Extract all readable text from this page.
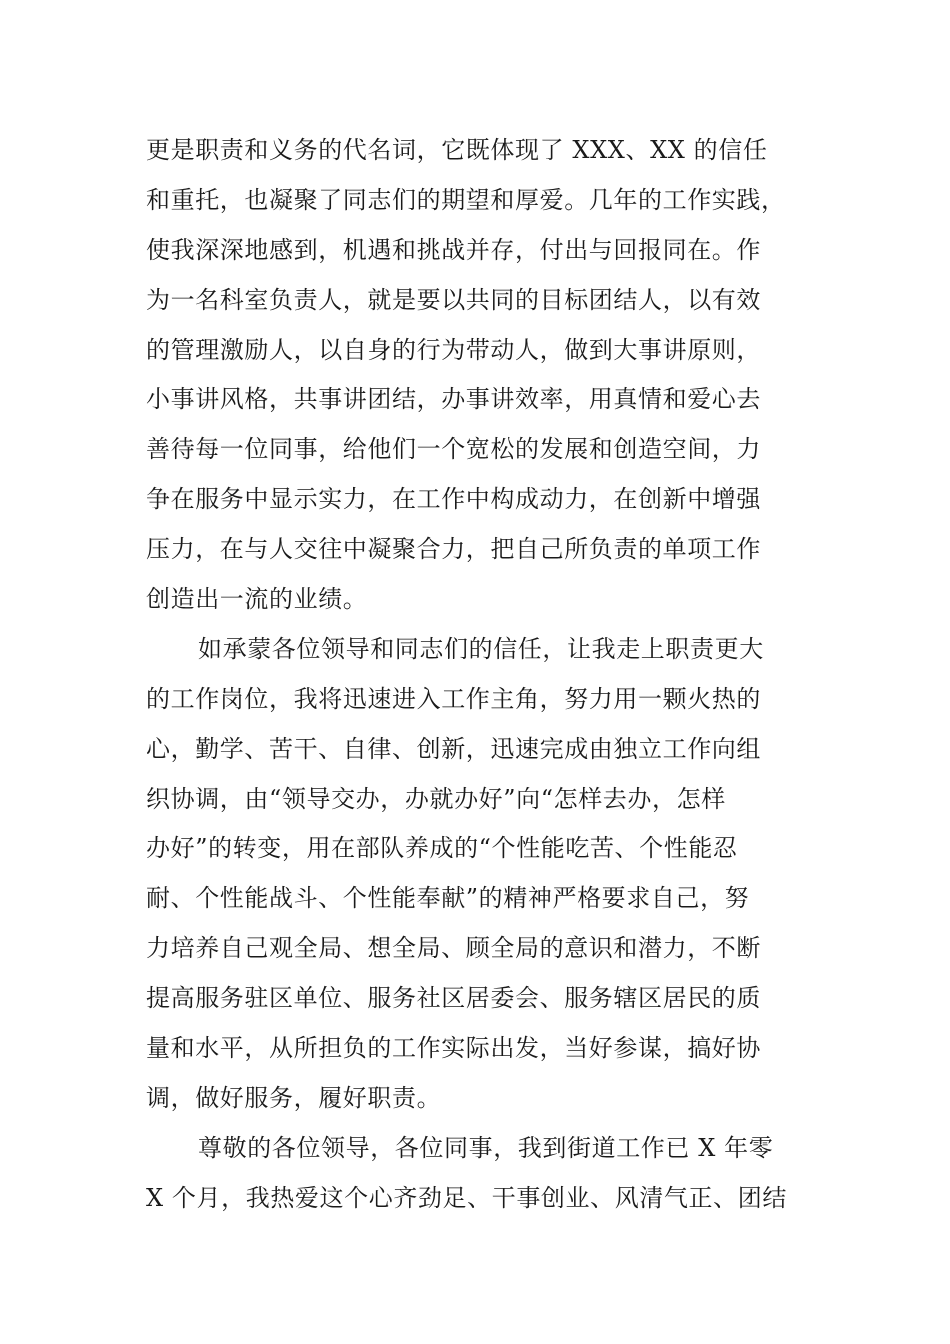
更是职责和义务的代名词，它既体现了 XXX、XX 的信任
和重托，也凝聚了同志们的期望和厚爱。几年的工作实践，
使我深深地感到，机遇和挑战并存，付出与回报同在。作
为一名科室负责人，就是要以共同的目标团结人，以有效
的管理激励人，以自身的行为带动人，做到大事讲原则，
小事讲风格，共事讲团结，办事讲效率，用真情和爱心去
善待每一位同事，给他们一个宽松的发展和创造空间，力
争在服务中显示实力，在工作中构成动力，在创新中增强
压力，在与人交往中凝聚合力，把自己所负责的单项工作
创造出一流的业绩。
如承蒙各位领导和同志们的信任，让我走上职责更大
的工作岗位，我将迅速进入工作主角，努力用一颗火热的
心，勤学、苦干、自律、创新，迅速完成由独立工作向组
织协调，由“领导交办，办就办好”向“怎样去办，怎样
办好”的转变，用在部队养成的“个性能吃苦、个性能忍
耐、个性能战斗、个性能奉献”的精神严格要求自己，努
力培养自己观全局、想全局、顾全局的意识和潜力，不断
提高服务驻区单位、服务社区居委会、服务辖区居民的质
量和水平，从所担负的工作实际出发，当好参谋，搞好协
调，做好服务，履好职责。
尊敬的各位领导，各位同事，我到街道工作已 X 年零
X 个月，我热爱这个心齐劲足、干事创业、风清气正、团结
